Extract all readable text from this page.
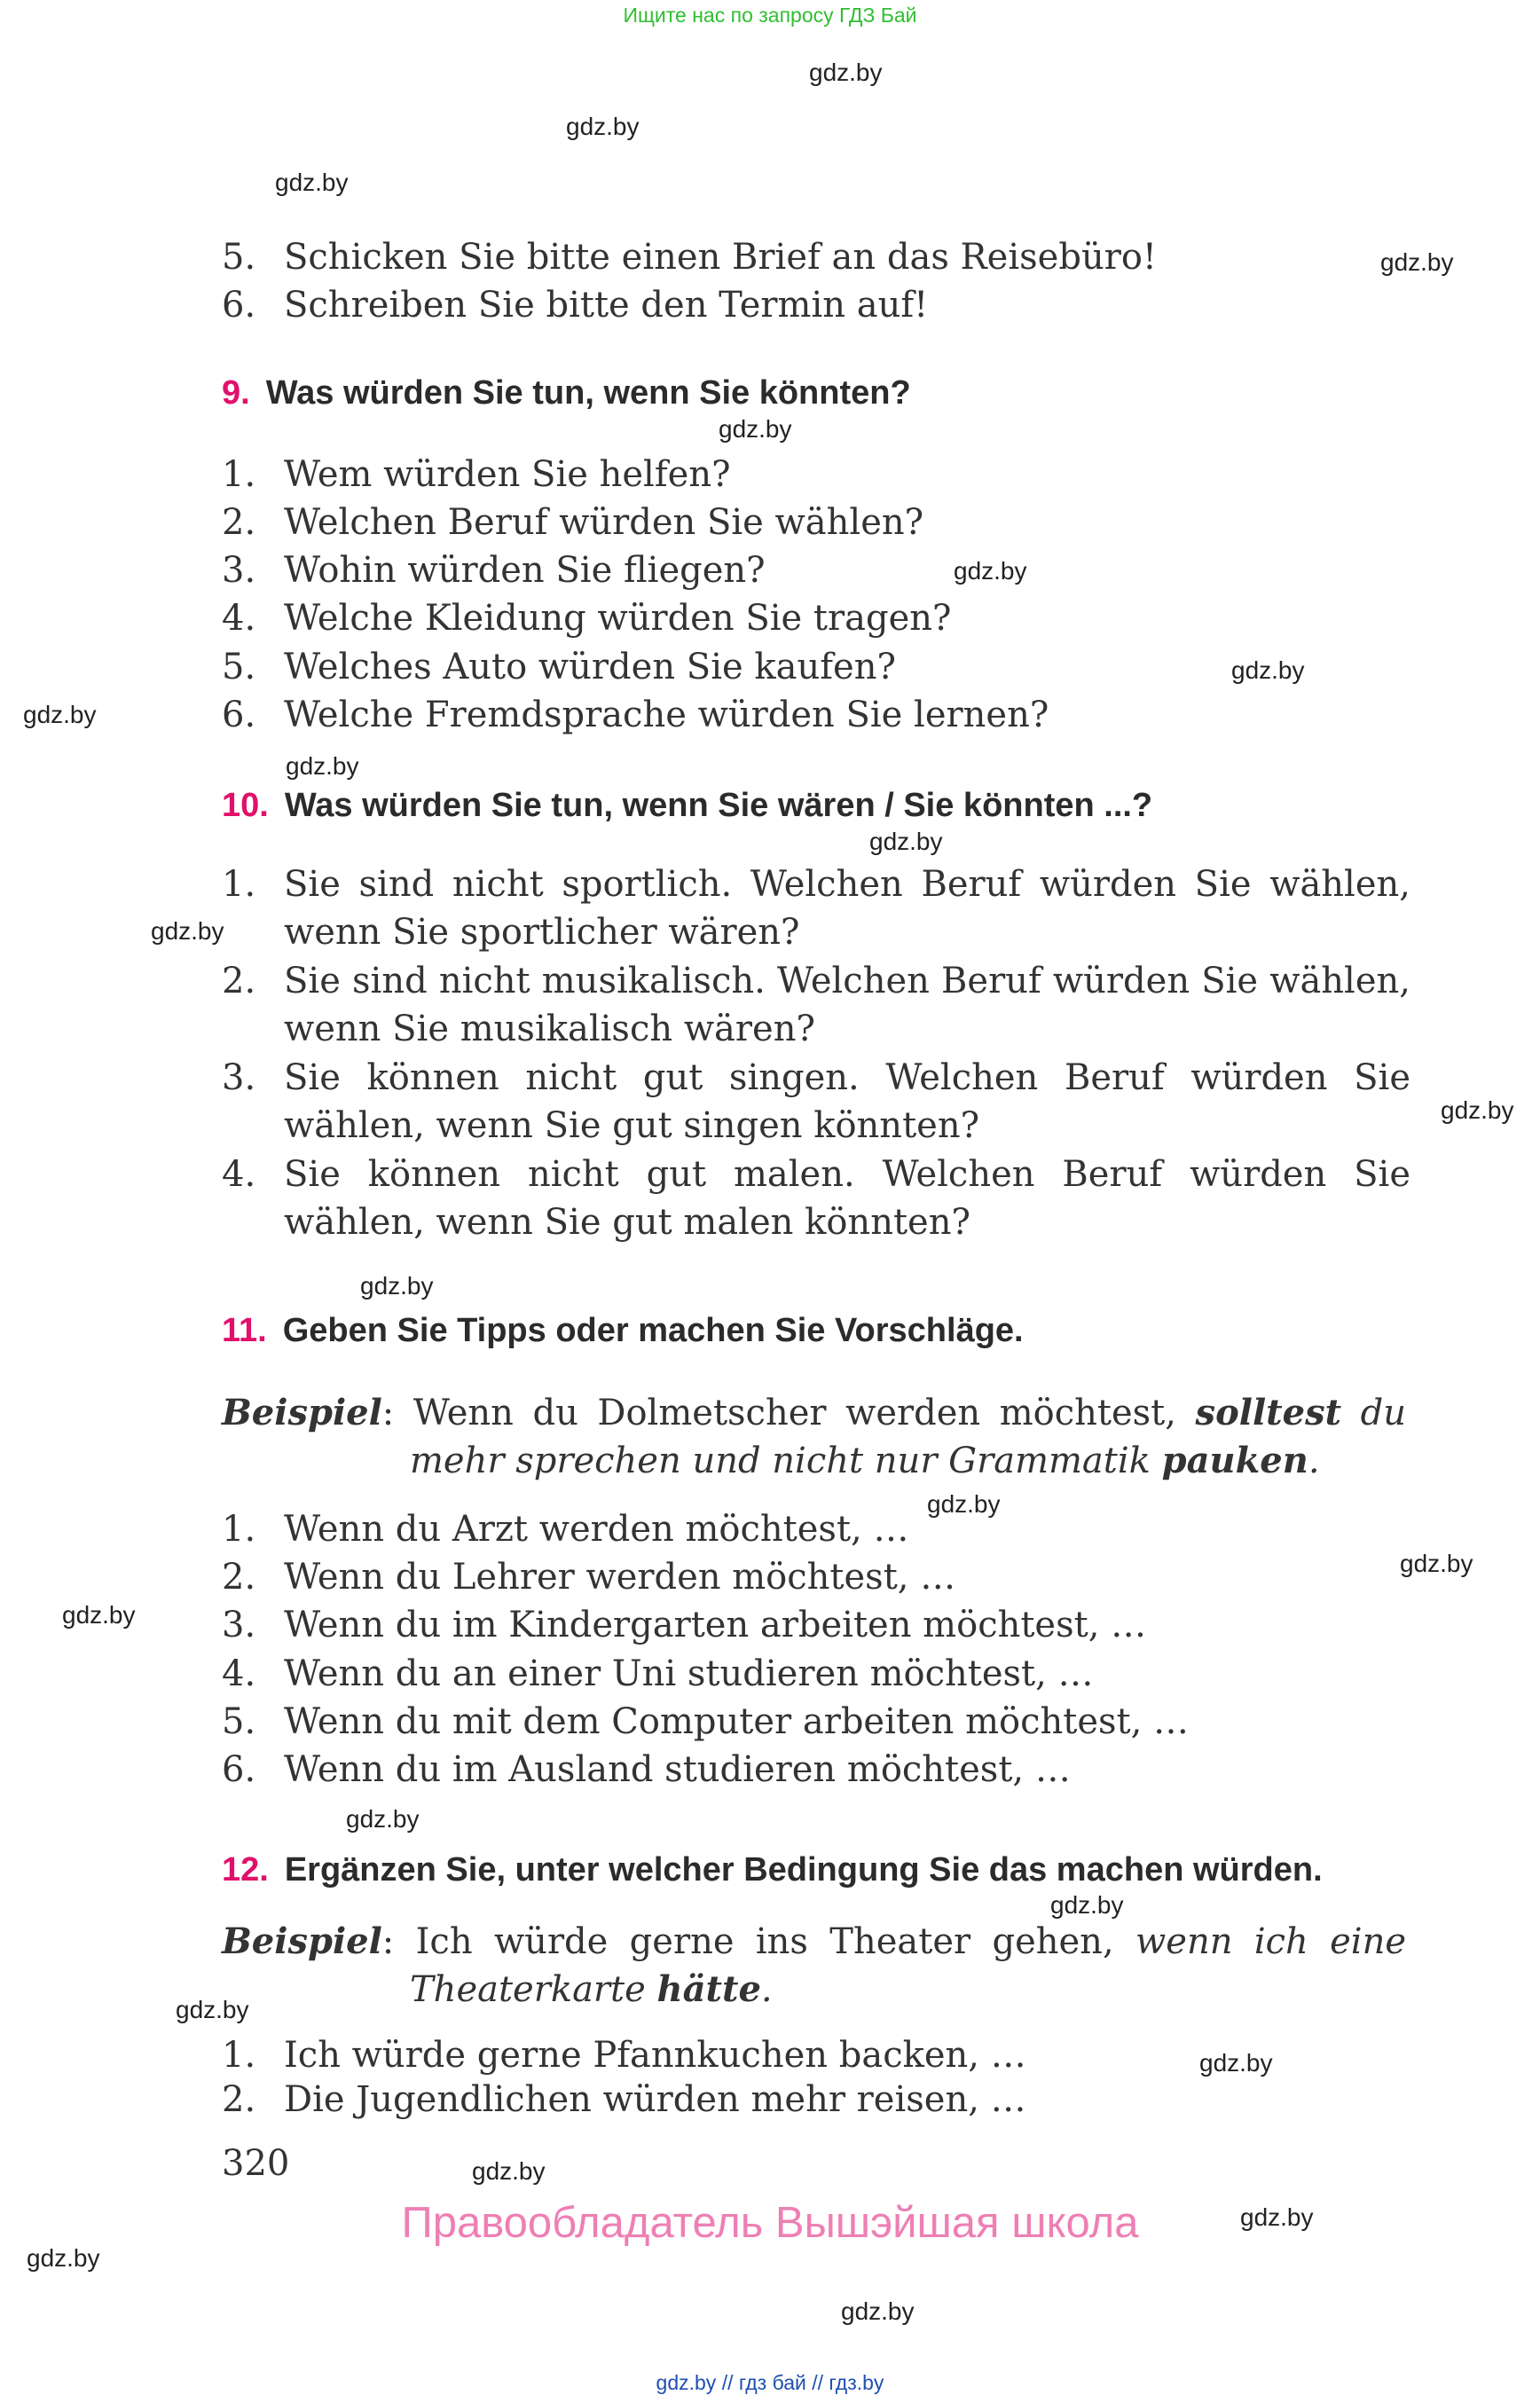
Ищите нас по запросу ГДЗ Бай
gdz.by
gdz.by
gdz.by
gdz.by
gdz.by
gdz.by
gdz.by
gdz.by
gdz.by
gdz.by
gdz.by
gdz.by
gdz.by
gdz.by
gdz.by
gdz.by
gdz.by
gdz.by
gdz.by
gdz.by
gdz.by
gdz.by
gdz.by
gdz.by
5. Schicken Sie bitte einen Brief an das Reisebüro!
6. Schreiben Sie bitte den Termin auf!
9. Was würden Sie tun, wenn Sie könnten?
1. Wem würden Sie helfen?
2. Welchen Beruf würden Sie wählen?
3. Wohin würden Sie fliegen?
4. Welche Kleidung würden Sie tragen?
5. Welches Auto würden Sie kaufen?
6. Welche Fremdsprache würden Sie lernen?
10. Was würden Sie tun, wenn Sie wären / Sie könnten ...?
1. Sie sind nicht sportlich. Welchen Beruf würden Sie wählen, wenn Sie sportlicher wären?
2. Sie sind nicht musikalisch. Welchen Beruf würden Sie wählen, wenn Sie musikalisch wären?
3. Sie können nicht gut singen. Welchen Beruf würden Sie wählen, wenn Sie gut singen könnten?
4. Sie können nicht gut malen. Welchen Beruf würden Sie wählen, wenn Sie gut malen könnten?
11. Geben Sie Tipps oder machen Sie Vorschläge.
Beispiel: Wenn du Dolmetscher werden möchtest, solltest du
mehr sprechen und nicht nur Grammatik pauken.
1. Wenn du Arzt werden möchtest, …
2. Wenn du Lehrer werden möchtest, …
3. Wenn du im Kindergarten arbeiten möchtest, …
4. Wenn du an einer Uni studieren möchtest, …
5. Wenn du mit dem Computer arbeiten möchtest, …
6. Wenn du im Ausland studieren möchtest, …
12. Ergänzen Sie, unter welcher Bedingung Sie das machen würden.
Beispiel: Ich würde gerne ins Theater gehen, wenn ich eine
Theaterkarte hätte.
1. Ich würde gerne Pfannkuchen backen, …
2. Die Jugendlichen würden mehr reisen, …
320
Правообладатель Вышэйшая школа
gdz.by // гдз бай // гдз.by
